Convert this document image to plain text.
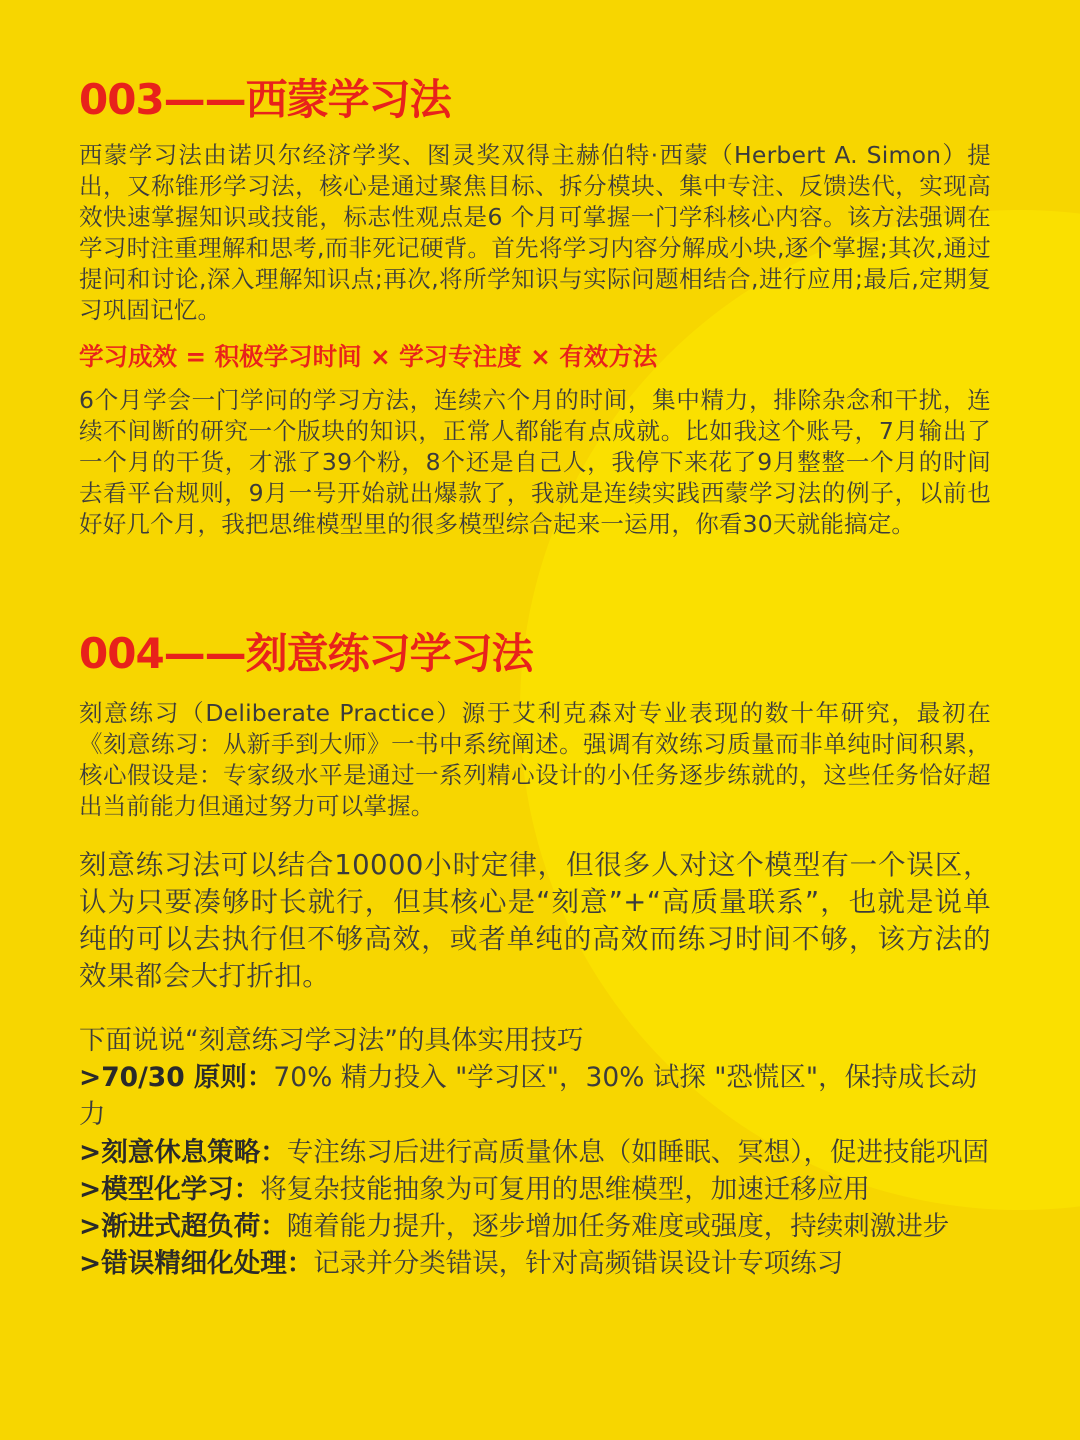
003——西蒙学习法

西蒙学习法由诺贝尔经济学奖、图灵奖双得主赫伯特·西蒙（Herbert A. Simon）提出，又称锥形学习法，核心是通过聚焦目标、拆分模块、集中专注、反馈迭代，实现高效快速掌握知识或技能，标志性观点是6 个月可掌握一门学科核心内容。该方法强调在学习时注重理解和思考,而非死记硬背。首先将学习内容分解成小块,逐个掌握;其次,通过提问和讨论,深入理解知识点;再次,将所学知识与实际问题相结合,进行应用;最后,定期复习巩固记忆。

学习成效 = 积极学习时间 × 学习专注度 × 有效方法

6个月学会一门学问的学习方法，连续六个月的时间，集中精力，排除杂念和干扰，连续不间断的研究一个版块的知识，正常人都能有点成就。比如我这个账号，7月输出了一个月的干货，才涨了39个粉，8个还是自己人，我停下来花了9月整整一个月的时间去看平台规则，9月一号开始就出爆款了，我就是连续实践西蒙学习法的例子，以前也好好几个月，我把思维模型里的很多模型综合起来一运用，你看30天就能搞定。

004——刻意练习学习法

刻意练习（Deliberate Practice）源于艾利克森对专业表现的数十年研究，最初在《刻意练习：从新手到大师》一书中系统阐述。强调有效练习质量而非单纯时间积累，核心假设是：专家级水平是通过一系列精心设计的小任务逐步练就的，这些任务恰好超出当前能力但通过努力可以掌握。

刻意练习法可以结合10000小时定律，但很多人对这个模型有一个误区，认为只要凑够时长就行，但其核心是“刻意”+“高质量联系”，也就是说单纯的可以去执行但不够高效，或者单纯的高效而练习时间不够，该方法的效果都会大打折扣。

下面说说“刻意练习学习法”的具体实用技巧
>70/30 原则：70% 精力投入 "学习区"，30% 试探 "恐慌区"，保持成长动力
>刻意休息策略：专注练习后进行高质量休息（如睡眠、冥想），促进技能巩固
>模型化学习：将复杂技能抽象为可复用的思维模型，加速迁移应用
>渐进式超负荷：随着能力提升，逐步增加任务难度或强度，持续刺激进步
>错误精细化处理：记录并分类错误，针对高频错误设计专项练习
